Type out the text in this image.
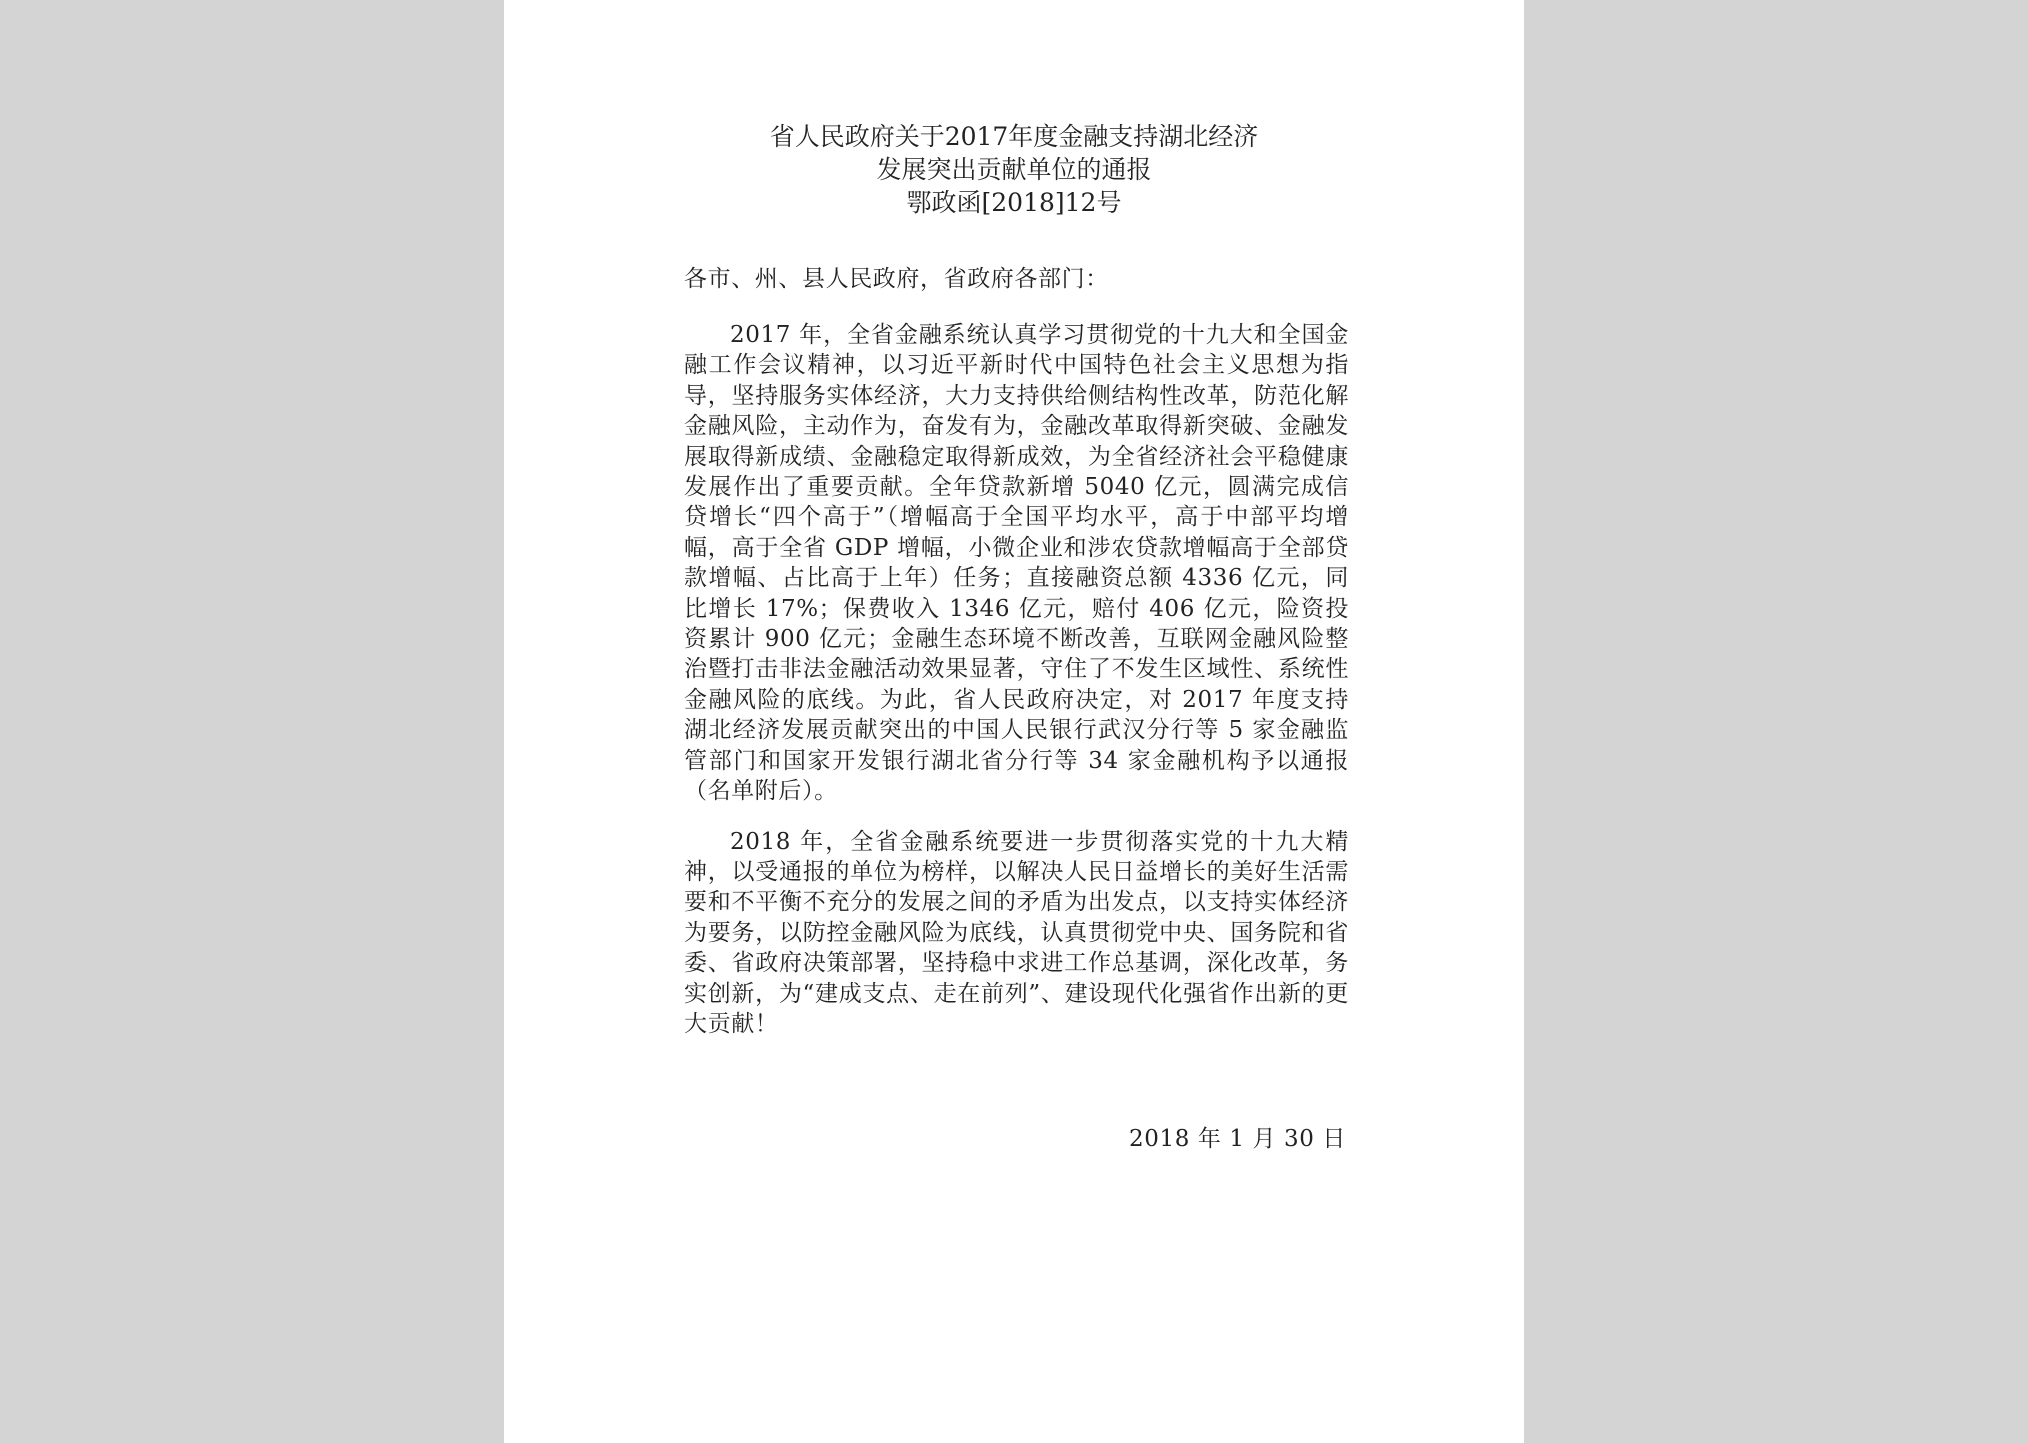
省人民政府关于2017年度金融支持湖北经济

发展突出贡献单位的通报

鄂政函[2018]12号

各市、州、县人民政府，省政府各部门：

2017 年，全省金融系统认真学习贯彻党的十九大和全国金融工作会议精神，以习近平新时代中国特色社会主义思想为指导，坚持服务实体经济，大力支持供给侧结构性改革，防范化解金融风险，主动作为，奋发有为，金融改革取得新突破、金融发展取得新成绩、金融稳定取得新成效，为全省经济社会平稳健康发展作出了重要贡献。全年贷款新增 5040 亿元，圆满完成信贷增长“四个高于”（增幅高于全国平均水平，高于中部平均增幅，高于全省 GDP 增幅，小微企业和涉农贷款增幅高于全部贷款增幅、占比高于上年）任务；直接融资总额 4336 亿元，同比增长 17%；保费收入 1346 亿元，赔付 406 亿元，险资投资累计 900 亿元；金融生态环境不断改善，互联网金融风险整治暨打击非法金融活动效果显著，守住了不发生区域性、系统性金融风险的底线。为此，省人民政府决定，对 2017 年度支持湖北经济发展贡献突出的中国人民银行武汉分行等 5 家金融监管部门和国家开发银行湖北省分行等 34 家金融机构予以通报（名单附后）。

2018 年，全省金融系统要进一步贯彻落实党的十九大精神，以受通报的单位为榜样，以解决人民日益增长的美好生活需要和不平衡不充分的发展之间的矛盾为出发点，以支持实体经济为要务，以防控金融风险为底线，认真贯彻党中央、国务院和省委、省政府决策部署，坚持稳中求进工作总基调，深化改革，务实创新，为“建成支点、走在前列”、建设现代化强省作出新的更大贡献！

2018 年 1 月 30 日
